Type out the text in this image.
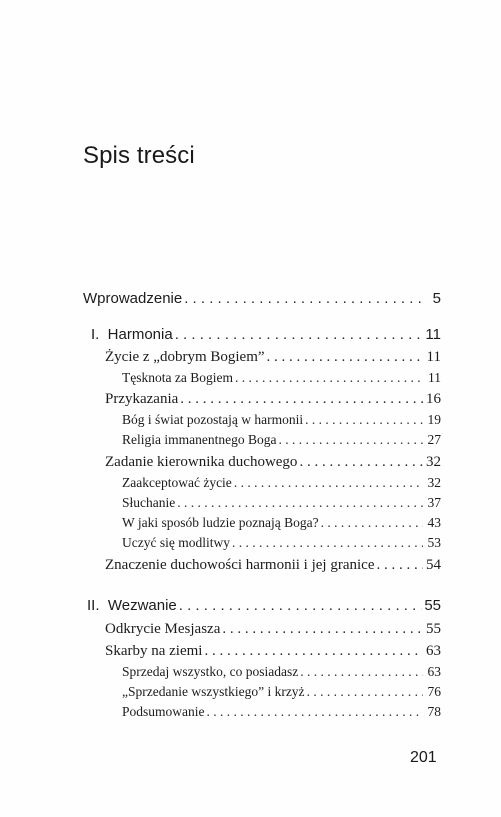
Spis treści
Wprowadzenie . . .	5
I.  Harmonia . . .	11
Życie z „dobrym Bogiem” . . .	11
Tęsknota za Bogiem . . .	11
Przykazania . . .	16
Bóg i świat pozostają w harmonii . . .	19
Religia immanentnego Boga . . .	27
Zadanie kierownika duchowego . . .	32
Zaakceptować życie . . .	32
Słuchanie . . .	37
W jaki sposób ludzie poznają Boga? . . .	43
Uczyć się modlitwy . . .	53
Znaczenie duchowości harmonii i jej granice . . .	54
II.  Wezwanie . . .	55
Odkrycie Mesjasza . . .	55
Skarby na ziemi . . .	63
Sprzedaj wszystko, co posiadasz . . .	63
„Sprzedanie wszystkiego” i krzyż . . .	76
Podsumowanie . . .	78
201
